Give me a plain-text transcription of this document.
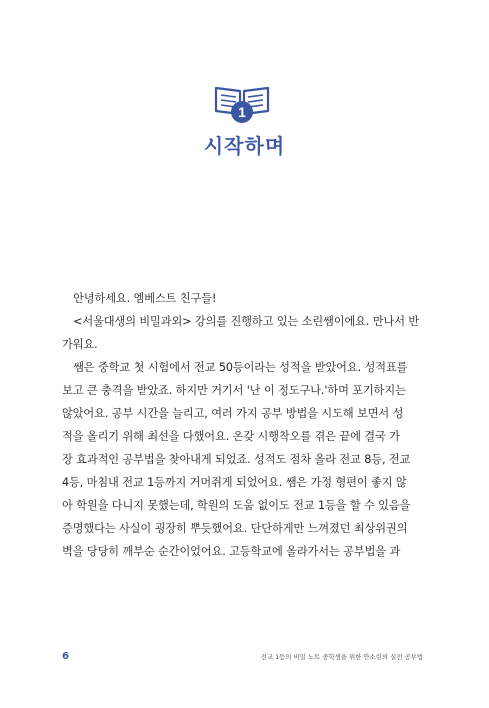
1
시작하며

　안녕하세요. 엠베스트 친구들!
　<서울대생의 비밀과외> 강의를 진행하고 있는 소린쌤이에요. 만나서 반
가워요.
　쌤은 중학교 첫 시험에서 전교 50등이라는 성적을 받았어요. 성적표를
보고 큰 충격을 받았죠. 하지만 거기서 '난 이 정도구나.'하며 포기하지는
않았어요. 공부 시간을 늘리고, 여러 가지 공부 방법을 시도해 보면서 성
적을 올리기 위해 최선을 다했어요. 온갖 시행착오를 겪은 끝에 결국 가
장 효과적인 공부법을 찾아내게 되었죠. 성적도 점차 올라 전교 8등, 전교
4등, 마침내 전교 1등까지 거머쥐게 되었어요. 쌤은 가정 형편이 좋지 않
아 학원을 다니지 못했는데, 학원의 도움 없이도 전교 1등을 할 수 있음을
증명했다는 사실이 굉장히 뿌듯했어요. 단단하게만 느껴졌던 최상위권의
벽을 당당히 깨부순 순간이었어요. 고등학교에 올라가서는 공부법을 과

6	전교 1등의 비밀 노트 중학생을 위한 안소린의 실전 공부법
